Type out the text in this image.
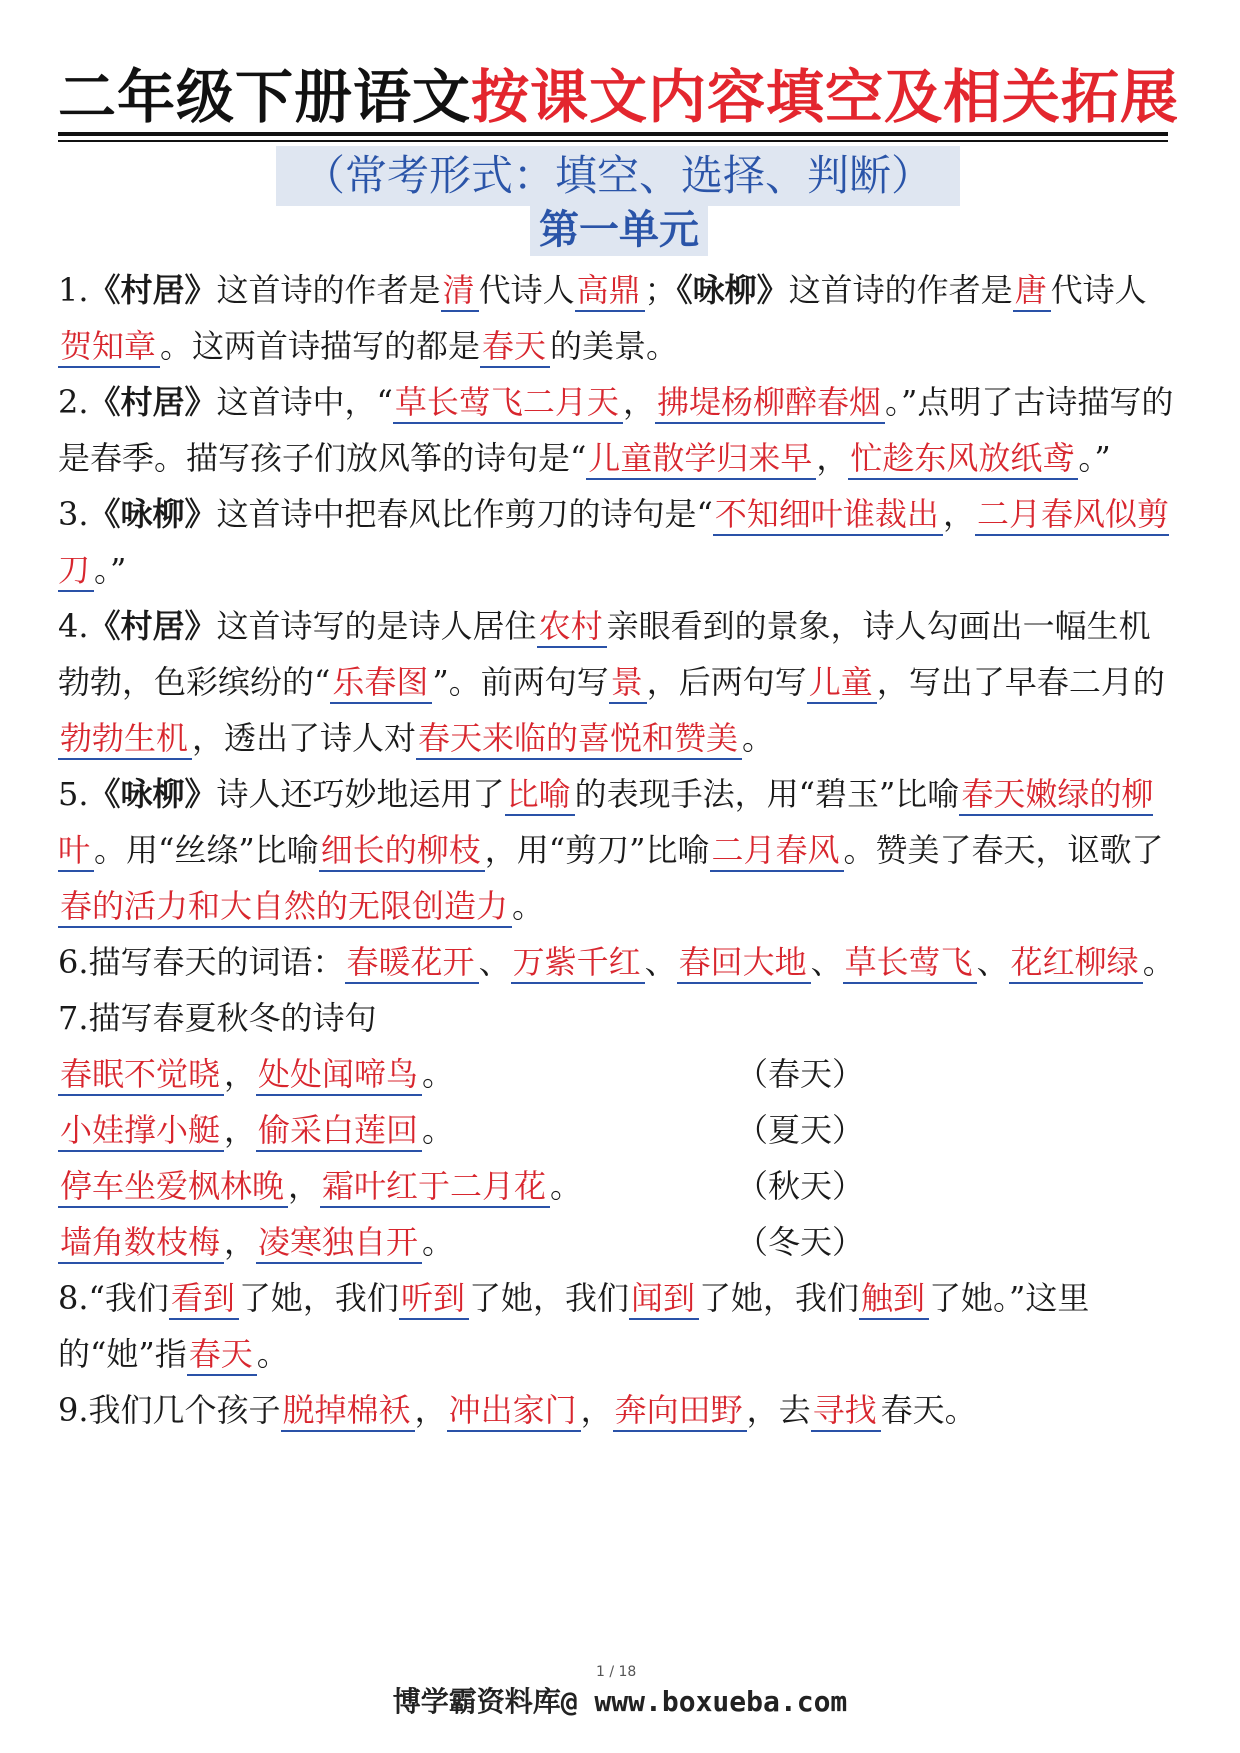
二年级下册语文按课文内容填空及相关拓展
（常考形式：填空、选择、判断）
第一单元

1.《村居》这首诗的作者是清 代诗人高鼎 ；《咏柳》这首诗的作者是唐 代诗人贺知章 。这两首诗描写的都是春天 的美景。

2.《村居》这首诗中，“草长莺飞二月天 ，拂堤杨柳醉春烟 。”点明了古诗描写的是春季。描写孩子们放风筝的诗句是“儿童散学归来早 ，忙趁东风放纸鸢 。”

3.《咏柳》这首诗中把春风比作剪刀的诗句是“不知细叶谁裁出 ，二月春风似剪刀 。”

4.《村居》这首诗写的是诗人居住农村 亲眼看到的景象，诗人勾画出一幅生机勃勃，色彩缤纷的“乐春图 ”。前两句写景 ，后两句写儿童 ，写出了早春二月的勃勃生机 ，透出了诗人对春天来临的喜悦和赞美 。

5.《咏柳》诗人还巧妙地运用了比喻 的表现手法，用“碧玉”比喻春天嫩绿的柳叶 。用“丝绦”比喻细长的柳枝 ，用“剪刀”比喻二月春风 。赞美了春天，讴歌了春的活力和大自然的无限创造力 。

6.描写春天的词语：春暖花开 、万紫千红 、春回大地 、草长莺飞 、花红柳绿 。

7.描写春夏秋冬的诗句

春眠不觉晓 ，处处闻啼鸟 。	（春天）
小娃撑小艇 ，偷采白莲回 。	（夏天）
停车坐爱枫林晚 ，霜叶红于二月花 。	（秋天）
墙角数枝梅 ，凌寒独自开 。	（冬天）

8.“我们看到 了她，我们听到 了她，我们闻到 了她，我们触到 了她。”这里的“她”指春天 。

9.我们几个孩子脱掉棉袄 ，冲出家门 ，奔向田野 ，去寻找 春天。

1 / 18
博学霸资料库@ www.boxueba.com
